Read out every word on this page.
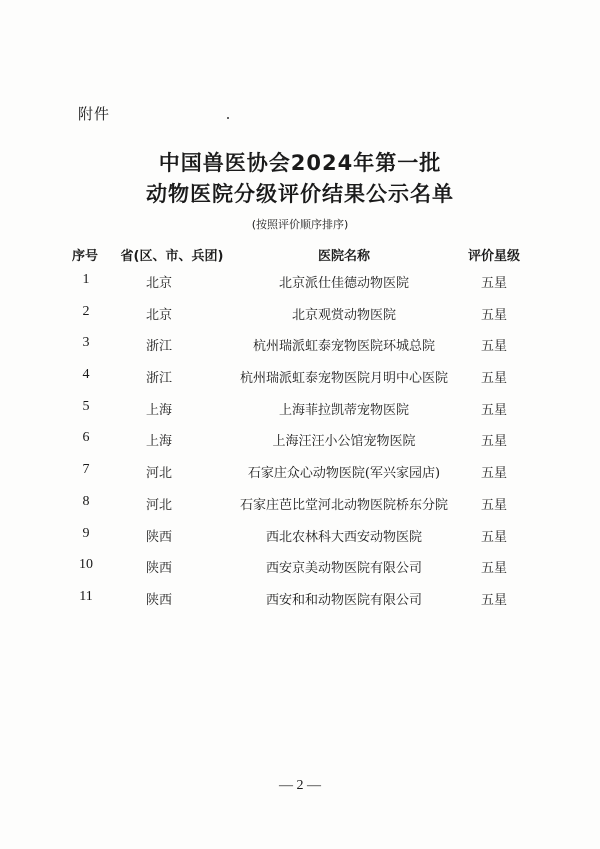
附件
中国兽医协会2024年第一批
动物医院分级评价结果公示名单
(按照评价顺序排序)
序号	省(区、市、兵团)	医院名称	评价星级
1	北京	北京派仕佳德动物医院	五星
2	北京	北京观赏动物医院	五星
3	浙江	杭州瑞派虹泰宠物医院环城总院	五星
4	浙江	杭州瑞派虹泰宠物医院月明中心医院	五星
5	上海	上海菲拉凯蒂宠物医院	五星
6	上海	上海汪汪小公馆宠物医院	五星
7	河北	石家庄众心动物医院(军兴家园店)	五星
8	河北	石家庄芭比堂河北动物医院桥东分院	五星
9	陕西	西北农林科大西安动物医院	五星
10	陕西	西安京美动物医院有限公司	五星
11	陕西	西安和和动物医院有限公司	五星
— 2 —
